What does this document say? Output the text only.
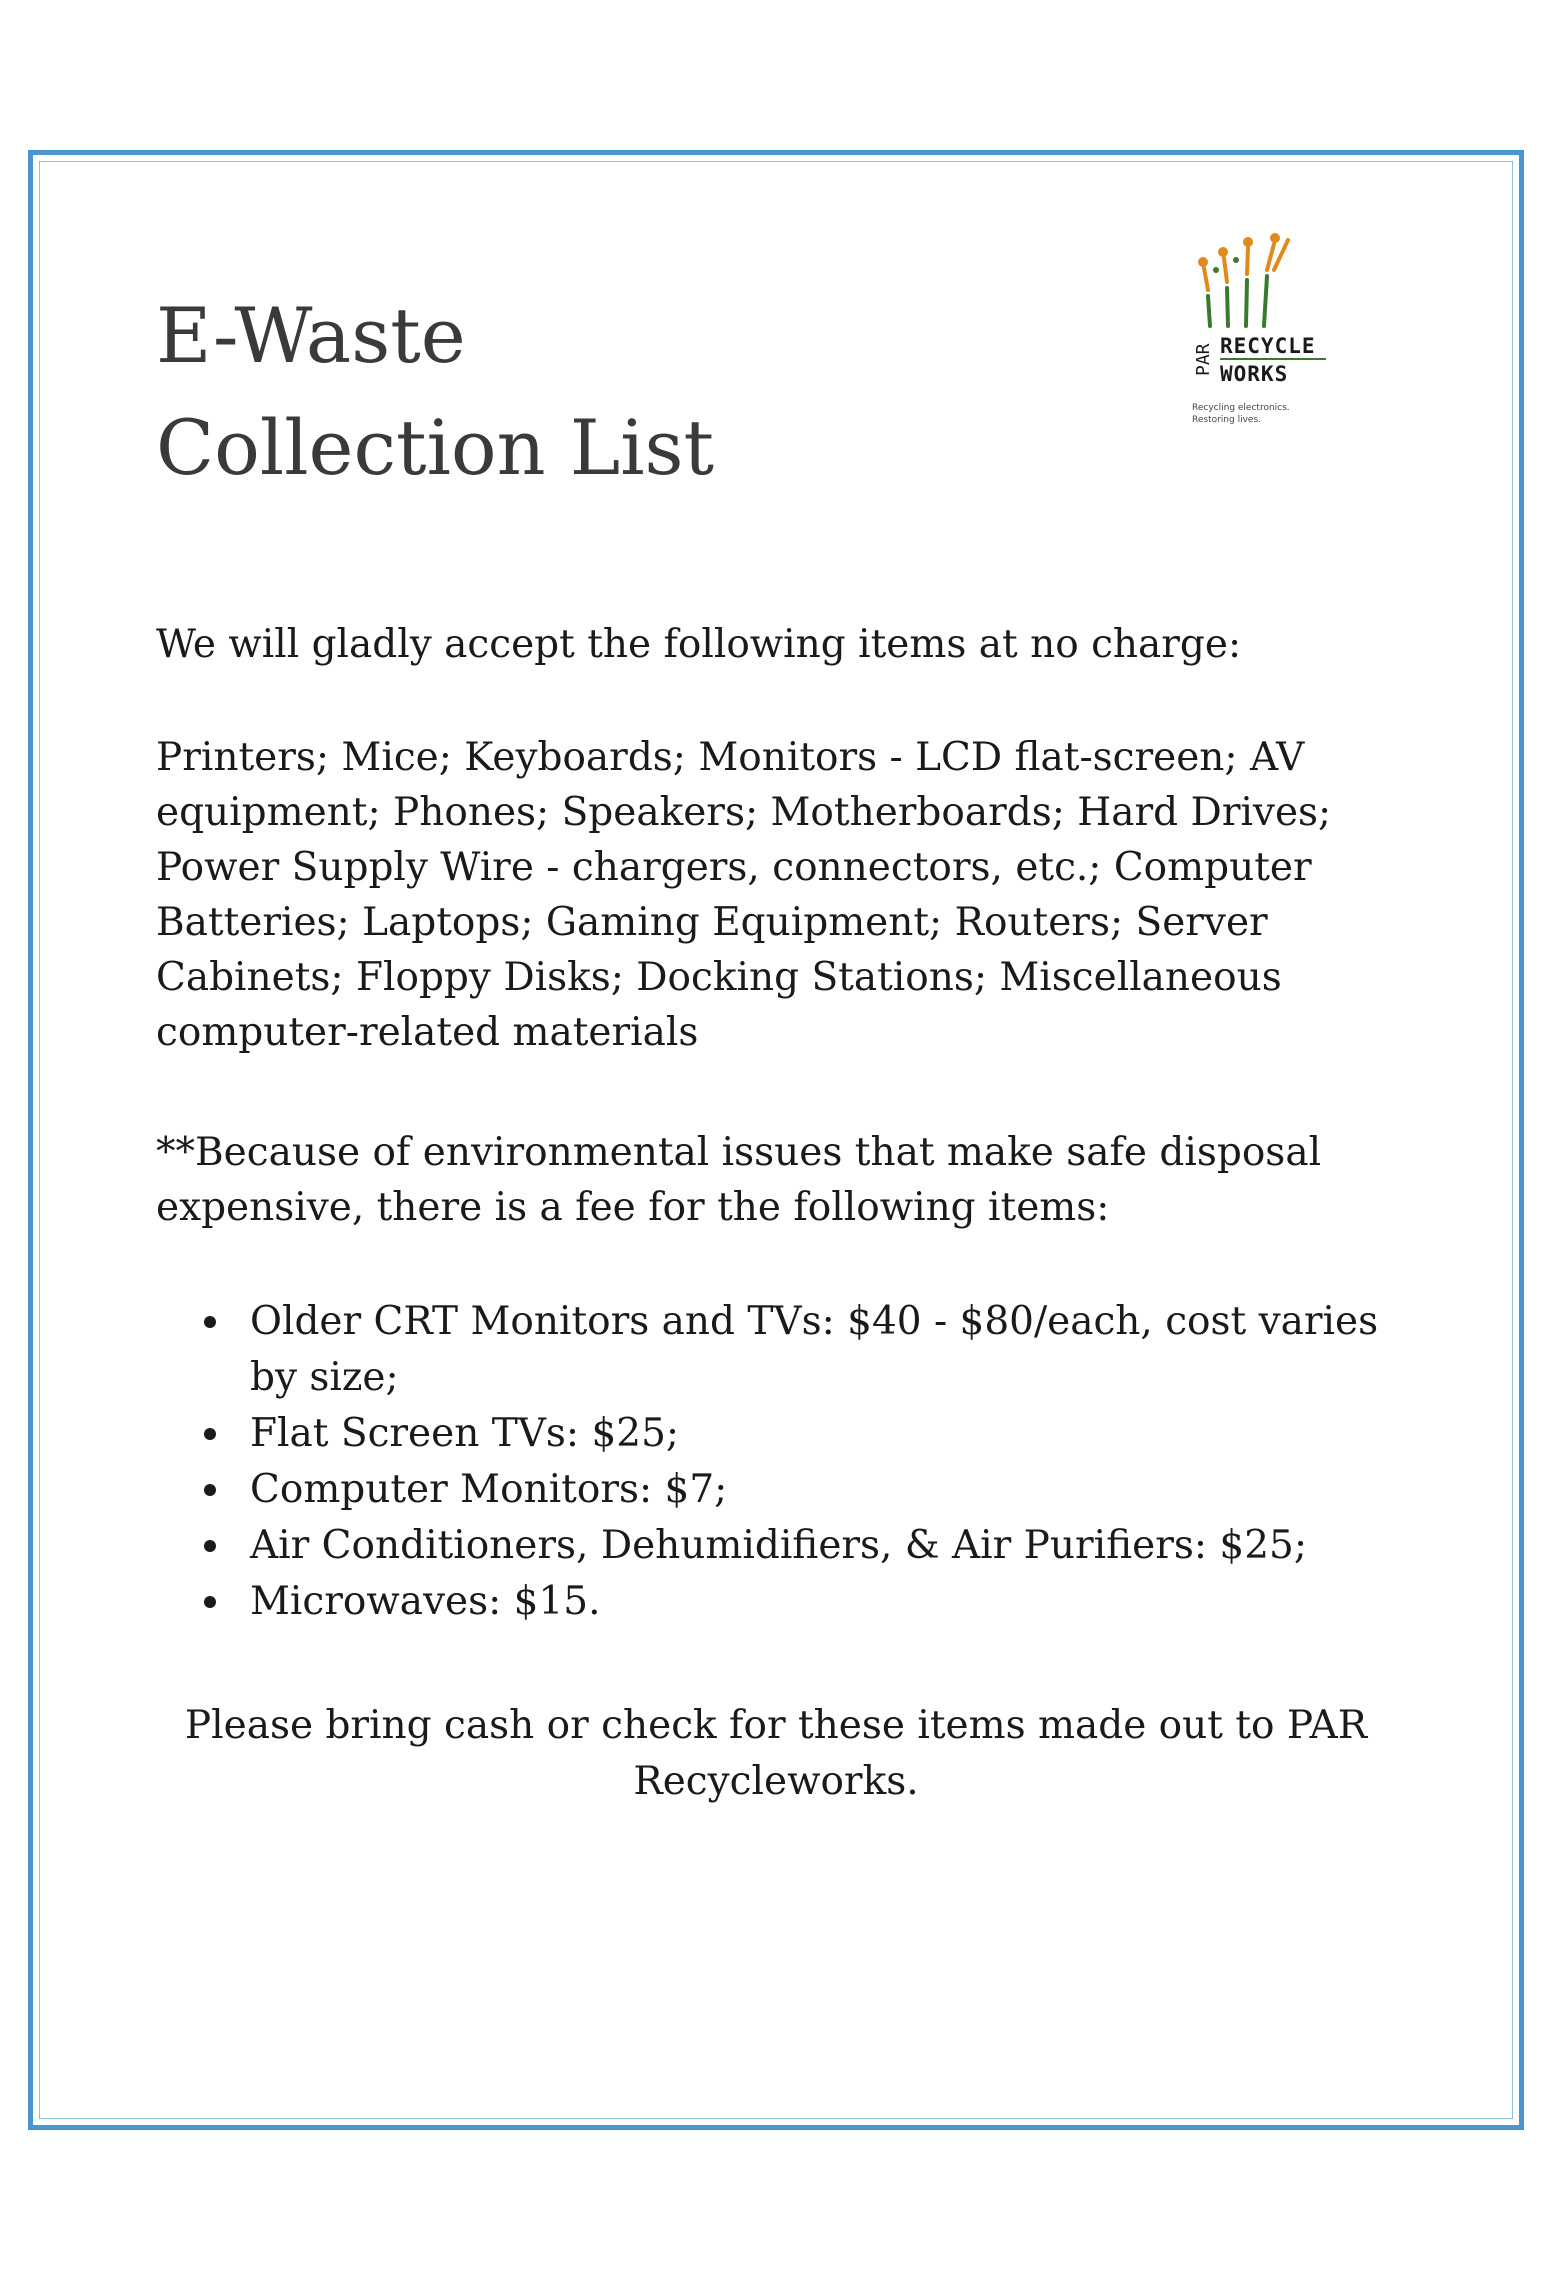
E-Waste
Collection List
PAR RECYCLE
WORKS
Recycling electronics.
Restoring lives.

We will gladly accept the following items at no charge:

Printers; Mice; Keyboards; Monitors - LCD flat-screen; AV equipment; Phones; Speakers; Motherboards; Hard Drives; Power Supply Wire - chargers, connectors, etc.; Computer Batteries; Laptops; Gaming Equipment; Routers; Server Cabinets; Floppy Disks; Docking Stations; Miscellaneous computer-related materials

**Because of environmental issues that make safe disposal expensive, there is a fee for the following items:

Older CRT Monitors and TVs: $40 - $80/each, cost varies by size;
Flat Screen TVs: $25;
Computer Monitors: $7;
Air Conditioners, Dehumidifiers, & Air Purifiers: $25;
Microwaves: $15.

Please bring cash or check for these items made out to PAR Recycleworks.
